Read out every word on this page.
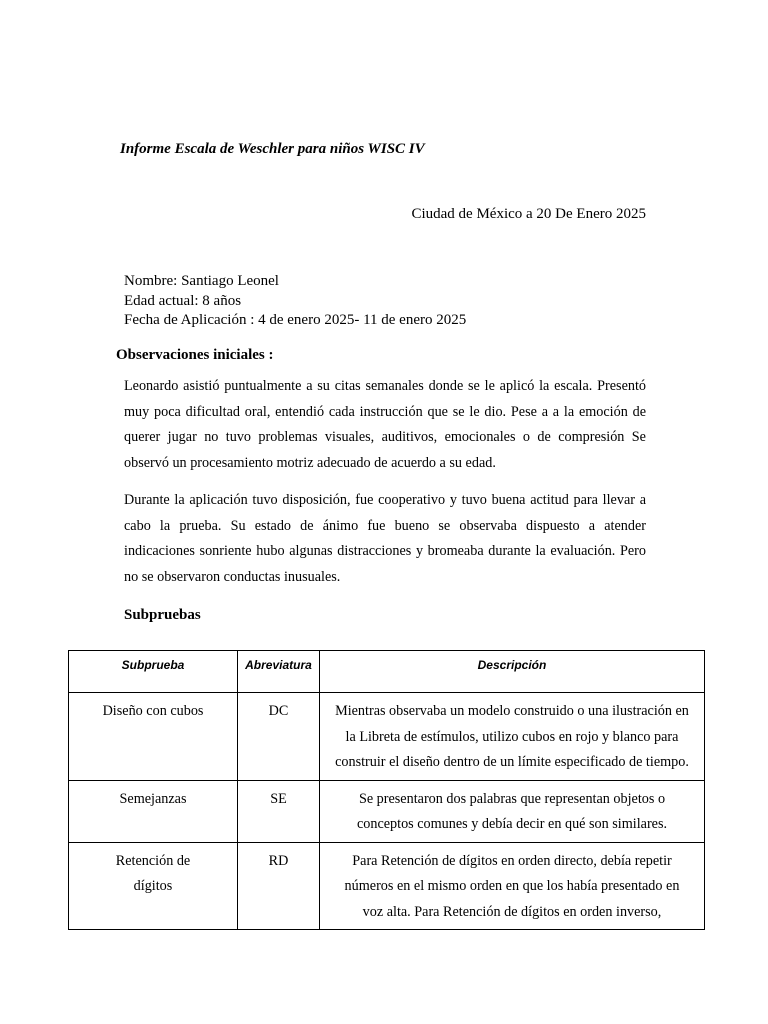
Informe Escala de Weschler para niños WISC IV
Ciudad de México a 20 De Enero 2025
Nombre: Santiago Leonel
Edad actual: 8 años
Fecha de Aplicación : 4 de enero 2025- 11 de enero 2025
Observaciones iniciales :
Leonardo asistió puntualmente a su citas semanales donde se le aplicó la escala. Presentó muy poca dificultad oral, entendió cada instrucción que se le dio. Pese a a la emoción de querer jugar no tuvo problemas visuales, auditivos, emocionales o de compresión Se observó un procesamiento motriz adecuado de acuerdo a su edad.
Durante la aplicación tuvo disposición, fue cooperativo y tuvo buena actitud para llevar a cabo la prueba. Su estado de ánimo fue bueno se observaba dispuesto a atender indicaciones sonriente hubo algunas distracciones y bromeaba durante la evaluación. Pero no se observaron conductas inusuales.
Subpruebas
Subprueba	Abreviatura	Descripción
Diseño con cubos	DC	Mientras observaba un modelo construido o una ilustración en la Libreta de estímulos, utilizo cubos en rojo y blanco para construir el diseño dentro de un límite especificado de tiempo.
Semejanzas	SE	Se presentaron dos palabras que representan objetos o conceptos comunes y debía decir en qué son similares.
Retención de dígitos	RD	Para Retención de dígitos en orden directo, debía repetir números en el mismo orden en que los había presentado en voz alta. Para Retención de dígitos en orden inverso,
